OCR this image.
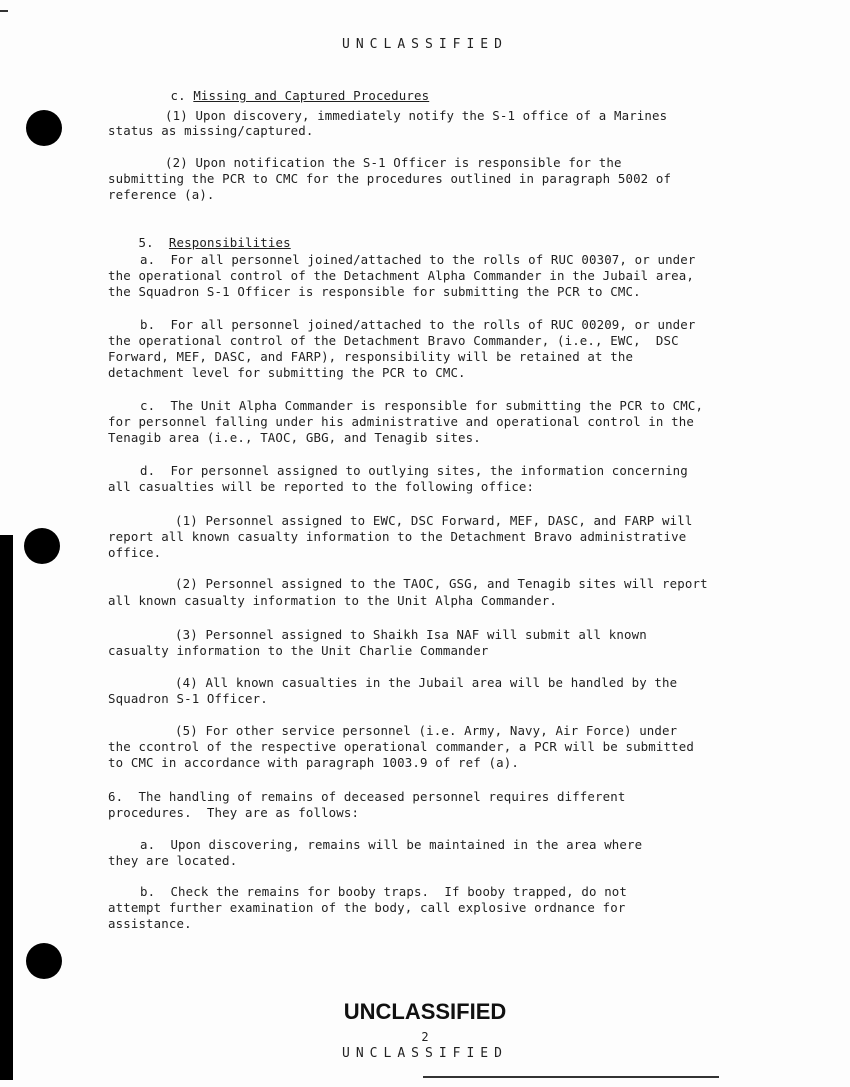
UNCLASSIFIED

c. Missing and Captured Procedures

(1) Upon discovery, immediately notify the S-1 office of a Marines
status as missing/captured.
(2) Upon notification the S-1 Officer is responsible for the
submitting the PCR to CMC for the procedures outlined in paragraph 5002 of
reference (a).

5. Responsibilities

a.  For all personnel joined/attached to the rolls of RUC 00307, or under
the operational control of the Detachment Alpha Commander in the Jubail area,
the Squadron S-1 Officer is responsible for submitting the PCR to CMC.
b.  For all personnel joined/attached to the rolls of RUC 00209, or under
the operational control of the Detachment Bravo Commander, (i.e., EWC,  DSC
Forward, MEF, DASC, and FARP), responsibility will be retained at the
detachment level for submitting the PCR to CMC.
c.  The Unit Alpha Commander is responsible for submitting the PCR to CMC,
for personnel falling under his administrative and operational control in the
Tenagib area (i.e., TAOC, GBG, and Tenagib sites.
d.  For personnel assigned to outlying sites, the information concerning
all casualties will be reported to the following office:
(1) Personnel assigned to EWC, DSC Forward, MEF, DASC, and FARP will
report all known casualty information to the Detachment Bravo administrative
office.
(2) Personnel assigned to the TAOC, GSG, and Tenagib sites will report
all known casualty information to the Unit Alpha Commander.
(3) Personnel assigned to Shaikh Isa NAF will submit all known
casualty information to the Unit Charlie Commander
(4) All known casualties in the Jubail area will be handled by the
Squadron S-1 Officer.
(5) For other service personnel (i.e. Army, Navy, Air Force) under
the ccontrol of the respective operational commander, a PCR will be submitted
to CMC in accordance with paragraph 1003.9 of ref (a).
6.  The handling of remains of deceased personnel requires different
procedures.  They are as follows:
a.  Upon discovering, remains will be maintained in the area where
they are located.
b.  Check the remains for booby traps.  If booby trapped, do not
attempt further examination of the body, call explosive ordnance for
assistance.
UNCLASSIFIED
2
UNCLASSIFIED
